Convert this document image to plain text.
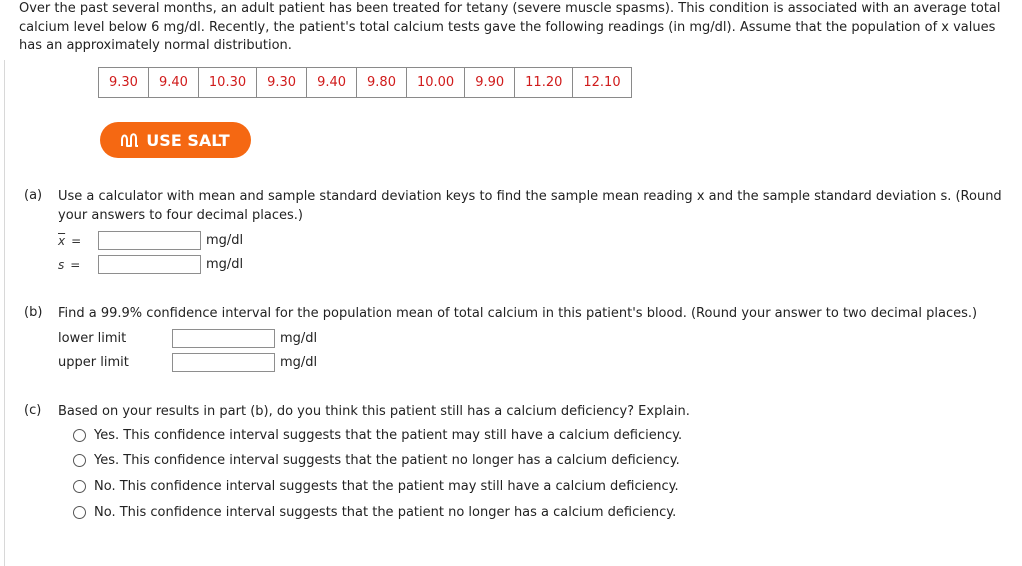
Over the past several months, an adult patient has been treated for tetany (severe muscle spasms). This condition is associated with an average total calcium level below 6 mg/dl. Recently, the patient's total calcium tests gave the following readings (in mg/dl). Assume that the population of x values has an approximately normal distribution.
9.30	9.40	10.30	9.30	9.40	9.80	10.00	9.90	11.20	12.10
USE SALT
(a) Use a calculator with mean and sample standard deviation keys to find the sample mean reading x and the sample standard deviation s. (Round your answers to four decimal places.)
$\overline{x}$ =	mg/dl
s =	mg/dl
(b) Find a 99.9% confidence interval for the population mean of total calcium in this patient's blood. (Round your answer to two decimal places.)
lower limit	mg/dl
upper limit	mg/dl
(c) Based on your results in part (b), do you think this patient still has a calcium deficiency? Explain.
Yes. This confidence interval suggests that the patient may still have a calcium deficiency.
Yes. This confidence interval suggests that the patient no longer has a calcium deficiency.
No. This confidence interval suggests that the patient may still have a calcium deficiency.
No. This confidence interval suggests that the patient no longer has a calcium deficiency.
